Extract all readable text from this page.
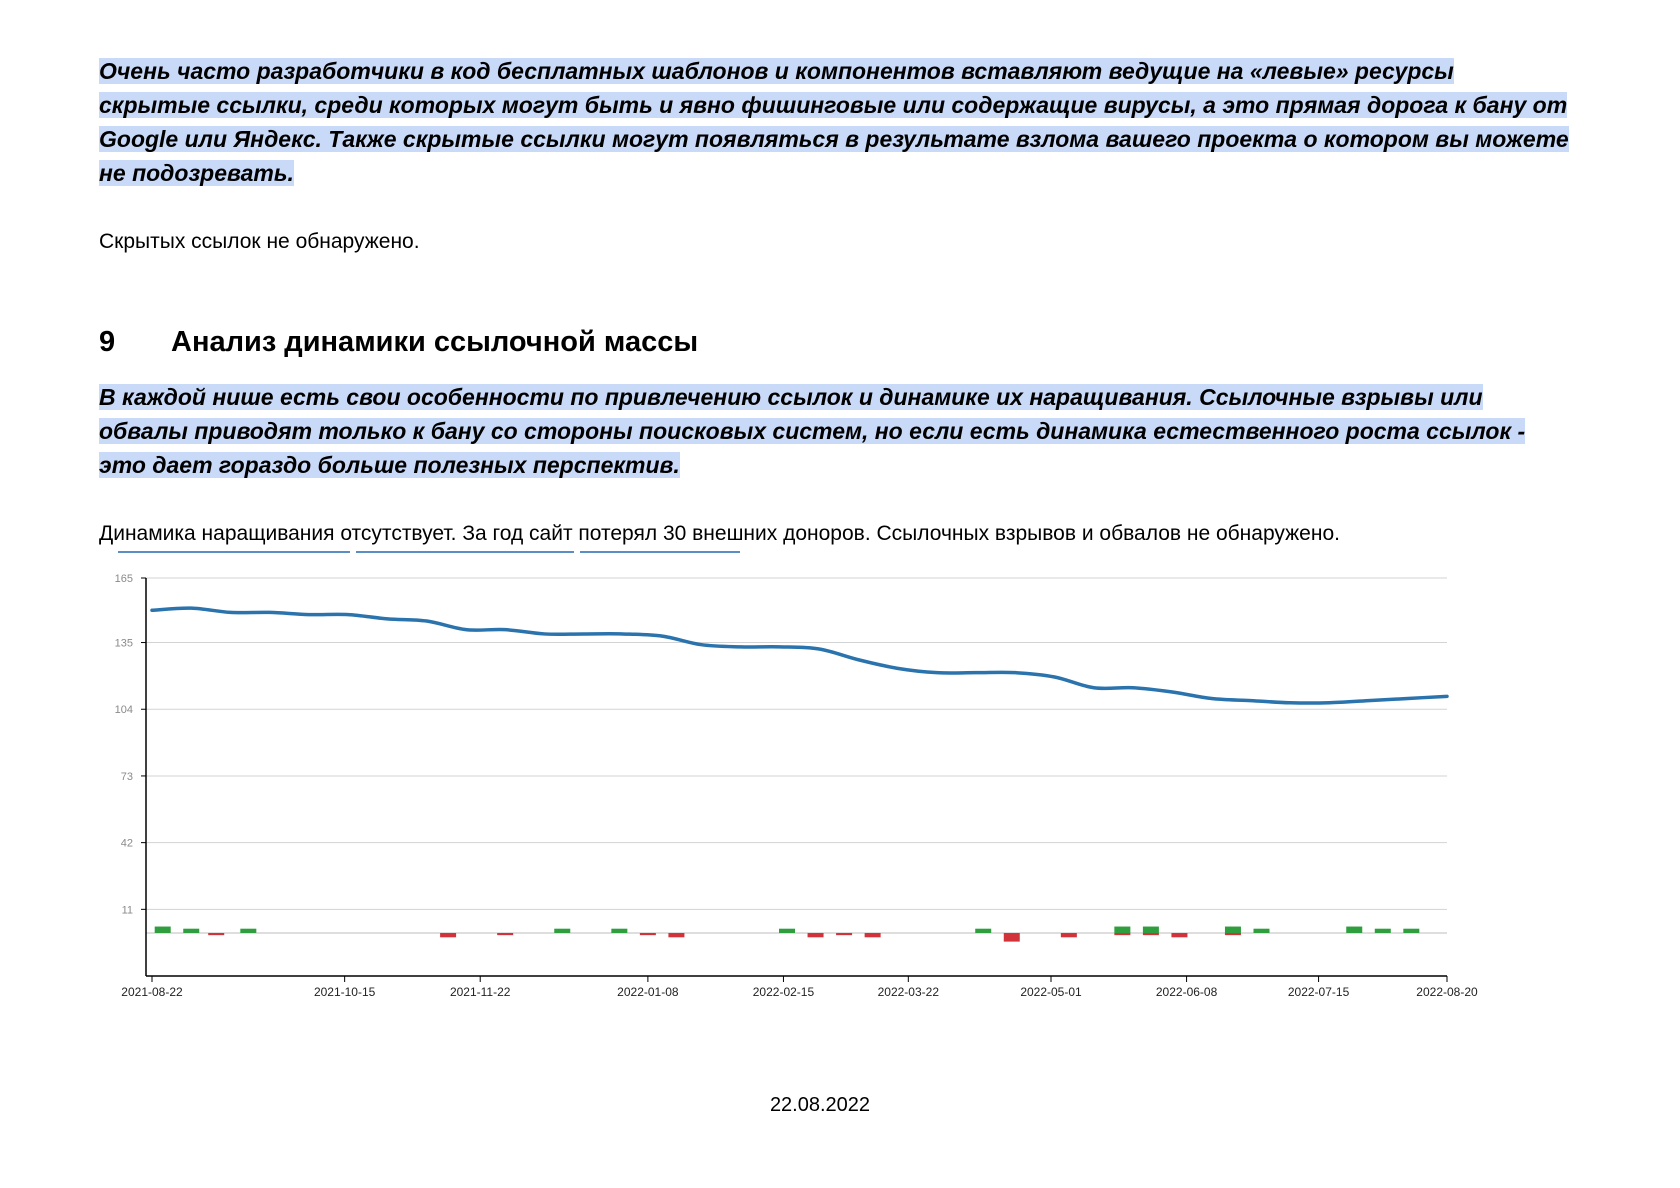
Очень часто разработчики в код бесплатных шаблонов и компонентов вставляют ведущие на «левые» ресурсы скрытые ссылки, среди которых могут быть и явно фишинговые или содержащие вирусы, а это прямая дорога к бану от Google или Яндекс. Также скрытые ссылки могут появляться в результате взлома вашего проекта о котором вы можете не подозревать.

Скрытых ссылок не обнаружено.

9 Анализ динамики ссылочной массы

В каждой нише есть свои особенности по привлечению ссылок и динамике их наращивания. Ссылочные взрывы или обвалы приводят только к бану со стороны поисковых систем, но если есть динамика естественного роста ссылок - это дает гораздо больше полезных перспектив.

Динамика наращивания отсутствует. За год сайт потерял 30 внешних доноров. Ссылочных взрывов и обвалов не обнаружено.

165
135
104
73
42
11
2021-08-22	2021-10-15	2021-11-22	2022-01-08	2022-02-15	2022-03-22	2022-05-01	2022-06-08	2022-07-15	2022-08-20

22.08.2022
